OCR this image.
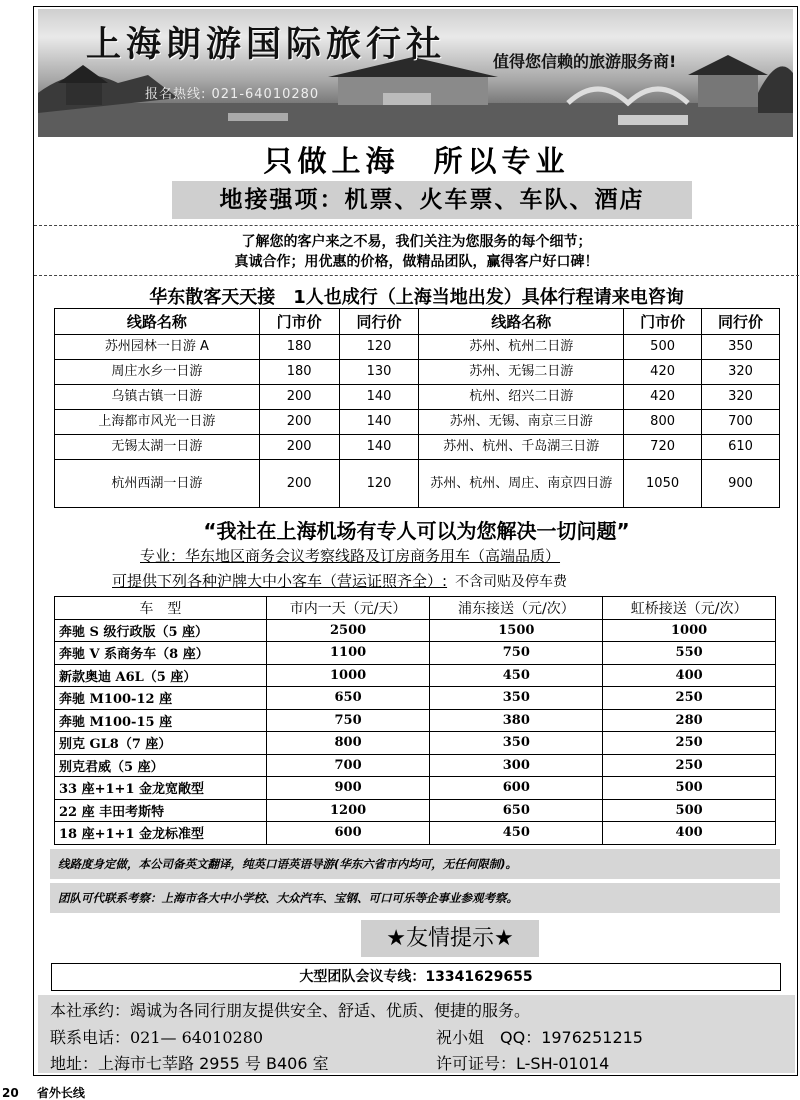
上海朗游国际旅行社	值得您信赖的旅游服务商!
报名热线: 021-64010280
只做上海　所以专业
地接强项：机票、火车票、车队、酒店
了解您的客户来之不易，我们关注为您服务的每个细节；
真诚合作；用优惠的价格，做精品团队，赢得客户好口碑！
华东散客天天接　1人也成行（上海当地出发）具体行程请来电咨询
线路名称	门市价	同行价	线路名称	门市价	同行价
苏州园林一日游 A	180	120	苏州、杭州二日游	500	350
周庄水乡一日游	180	130	苏州、无锡二日游	420	320
乌镇古镇一日游	200	140	杭州、绍兴二日游	420	320
上海都市风光一日游	200	140	苏州、无锡、南京三日游	800	700
无锡太湖一日游	200	140	苏州、杭州、千岛湖三日游	720	610
杭州西湖一日游	200	120	苏州、杭州、周庄、南京四日游	1050	900
“我社在上海机场有专人可以为您解决一切问题”
专业：华东地区商务会议考察线路及订房商务用车（高端品质）
可提供下列各种沪牌大中小客车（营运证照齐全）: 不含司贴及停车费
车　型	市内一天（元/天）	浦东接送（元/次）	虹桥接送（元/次）
奔驰 S 级行政版（5 座）	2500	1500	1000
奔驰 V 系商务车（8 座）	1100	750	550
新款奥迪 A6L（5 座）	1000	450	400
奔驰 M100-12 座	650	350	250
奔驰 M100-15 座	750	380	280
别克 GL8（7 座）	800	350	250
别克君威（5 座）	700	300	250
33 座+1+1 金龙宽敞型	900	600	500
22 座 丰田考斯特	1200	650	500
18 座+1+1 金龙标准型	600	450	400
线路度身定做，本公司备英文翻译，纯英口语英语导游(华东六省市内均可，无任何限制)。
团队可代联系考察：上海市各大中小学校、大众汽车、宝钢、可口可乐等企事业参观考察。
★友情提示★
大型团队会议专线：13341629655
本社承约：竭诚为各同行朋友提供安全、舒适、优质、便捷的服务。
联系电话：021— 64010280	祝小姐　QQ：1976251215
地址：上海市七莘路 2955 号 B406 室	许可证号：L-SH-01014
20 省外长线
